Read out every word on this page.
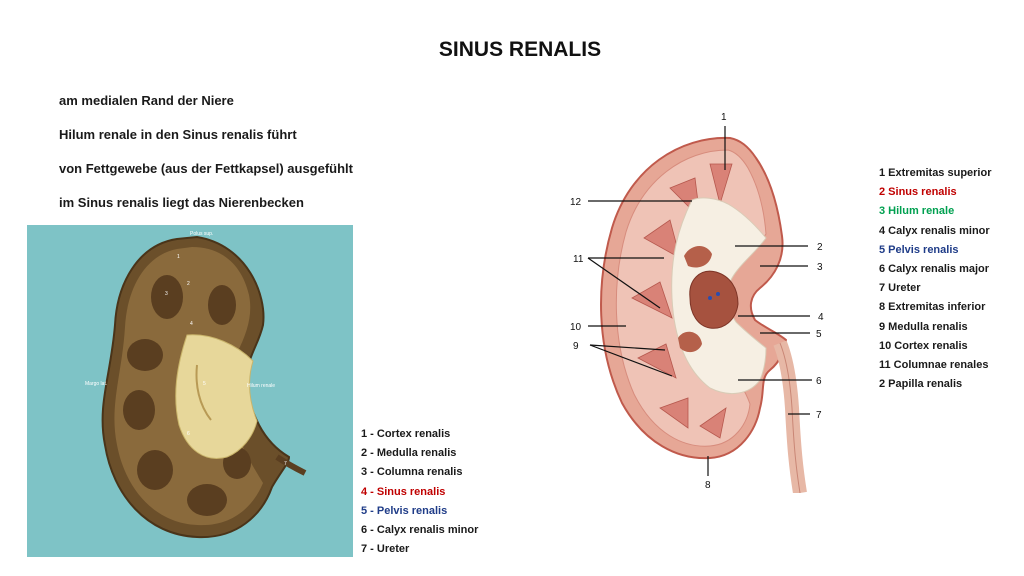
SINUS RENALIS
am medialen Rand der Niere
Hilum renale in den Sinus renalis führt
von Fettgewebe (aus der Fettkapsel) ausgefühlt
im Sinus renalis liegt das Nierenbecken
Polus sup.
Margo lat.	Hilum renale
1
2
3
4
5
6
7
1 - Cortex renalis
2 - Medulla renalis
3 - Columna renalis
4 - Sinus renalis
5 - Pelvis renalis
6 - Calyx renalis minor
7 - Ureter
1
2
3
4
5
6
7
8
9
10
11
12
1 Extremitas superior
2 Sinus renalis
3 Hilum renale
4 Calyx renalis minor
5 Pelvis renalis
6 Calyx renalis major
7 Ureter
8 Extremitas inferior
9 Medulla renalis
10 Cortex renalis
11 Columnae renales
2 Papilla renalis
